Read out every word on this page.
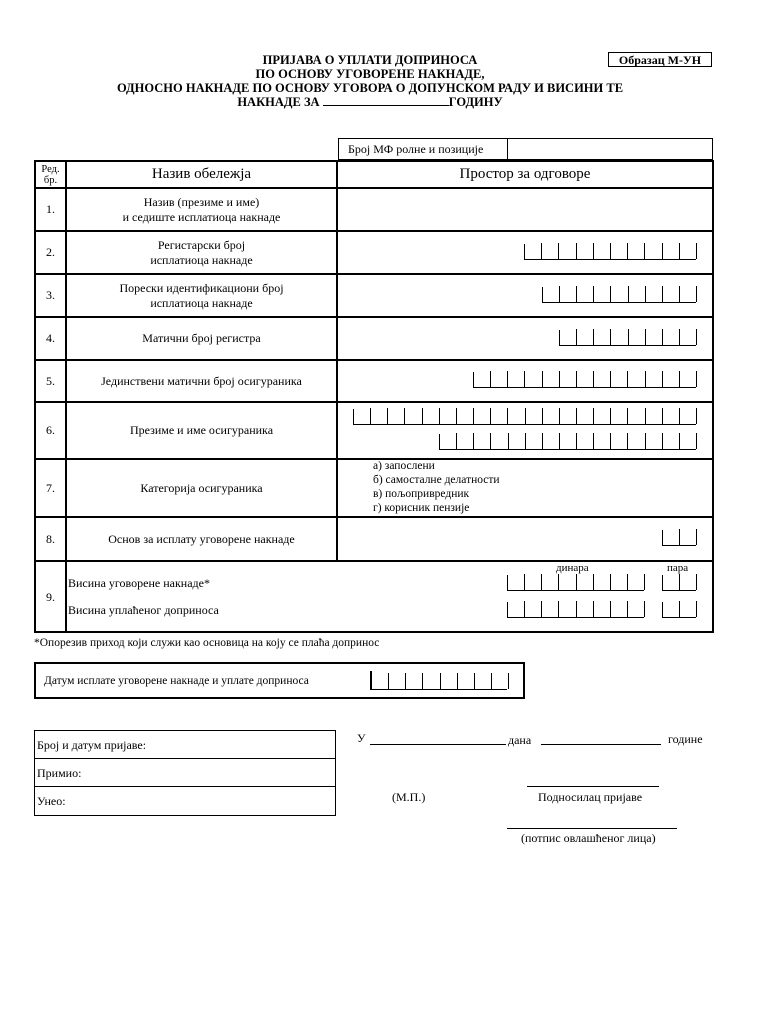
ПРИЈАВА О УПЛАТИ ДОПРИНОСА
ПО ОСНОВУ УГОВОРЕНЕ НАКНАДЕ,
ОДНОСНО НАКНАДЕ ПО ОСНОВУ УГОВОРА О ДОПУНСКОМ РАДУ И ВИСИНИ ТЕ
НАКНАДЕ ЗА	ГОДИНУ
Образац М-УН
Број МФ ролне и позиције
Ред. бр.	Назив обележја	Простор за одговоре
1.
Назив (презиме и име)
и седиште исплатиоца накнаде
2.
Регистарски број
исплатиоца накнаде
3.
Порески идентификациони број
исплатиоца накнаде
4.	Матични број регистра
5.	Јединствени матични број осигураника
6.	Презиме и име осигураника
7.	Категорија осигураника
а) запослени
б) самосталне делатности
в) пољопривредник
г) корисник пензије
8.	Основ за исплату уговорене накнаде
9.
Висина уговорене накнаде*
Висина уплаћеног доприноса
динара	пара
*Опорезив приход који служи као основица на коју се плаћа допринос
Датум исплате уговорене накнаде и уплате доприноса
Број и датум пријаве:
Примио:
Унео:
У	дана	године
(М.П.)	Подносилац пријаве
(потпис овлашћеног лица)
